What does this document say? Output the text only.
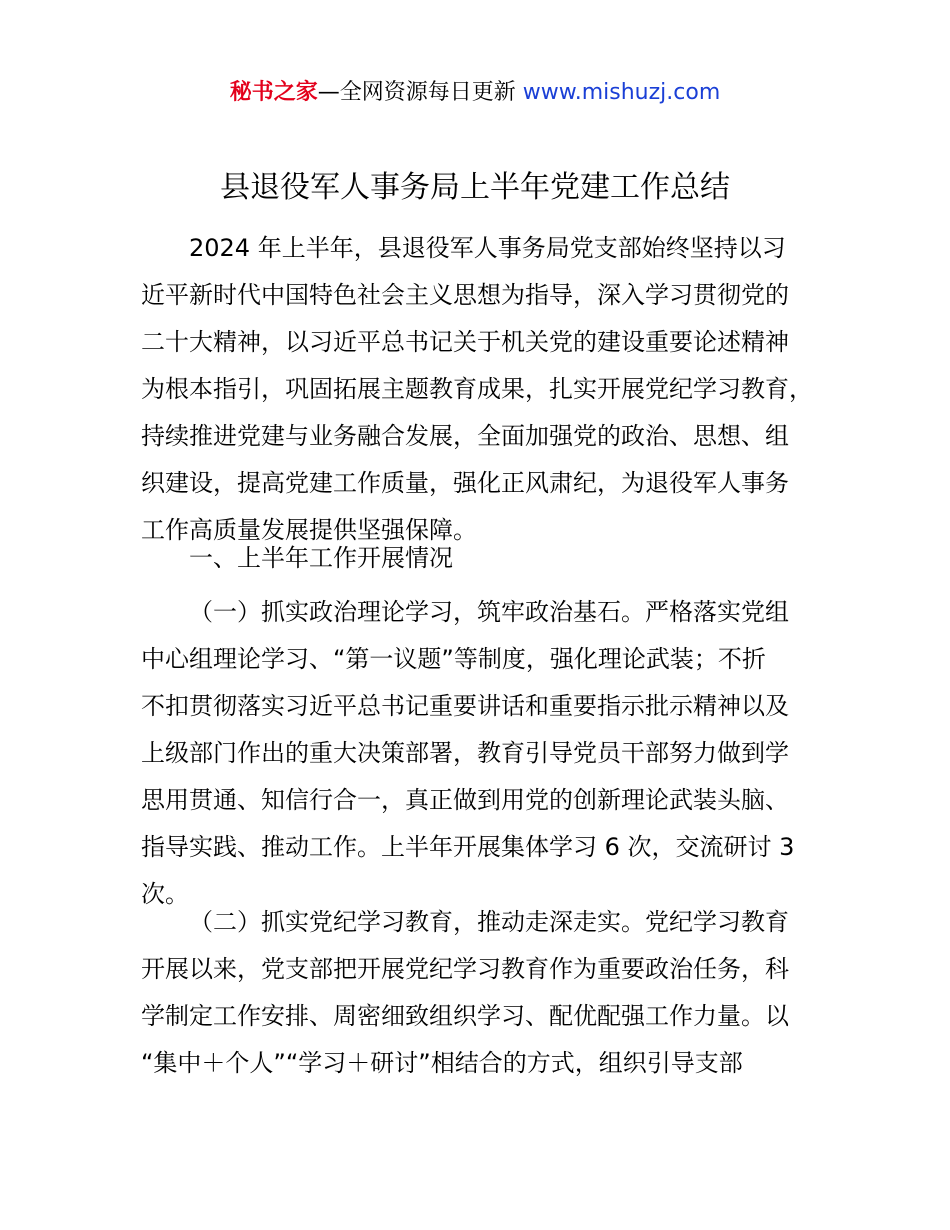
秘书之家—全网资源每日更新 www.mishuzj.com
县退役军人事务局上半年党建工作总结
2024 年上半年，县退役军人事务局党支部始终坚持以习
近平新时代中国特色社会主义思想为指导，深入学习贯彻党的
二十大精神，以习近平总书记关于机关党的建设重要论述精神
为根本指引，巩固拓展主题教育成果，扎实开展党纪学习教育，
持续推进党建与业务融合发展，全面加强党的政治、思想、组
织建设，提高党建工作质量，强化正风肃纪，为退役军人事务
工作高质量发展提供坚强保障。
一、上半年工作开展情况
（一）抓实政治理论学习，筑牢政治基石。严格落实党组
中心组理论学习、“第一议题”等制度，强化理论武装；不折
不扣贯彻落实习近平总书记重要讲话和重要指示批示精神以及
上级部门作出的重大决策部署，教育引导党员干部努力做到学
思用贯通、知信行合一，真正做到用党的创新理论武装头脑、
指导实践、推动工作。上半年开展集体学习 6 次，交流研讨 3
次。
（二）抓实党纪学习教育，推动走深走实。党纪学习教育
开展以来，党支部把开展党纪学习教育作为重要政治任务，科
学制定工作安排、周密细致组织学习、配优配强工作力量。以
“集中＋个人”“学习＋研讨”相结合的方式，组织引导支部
